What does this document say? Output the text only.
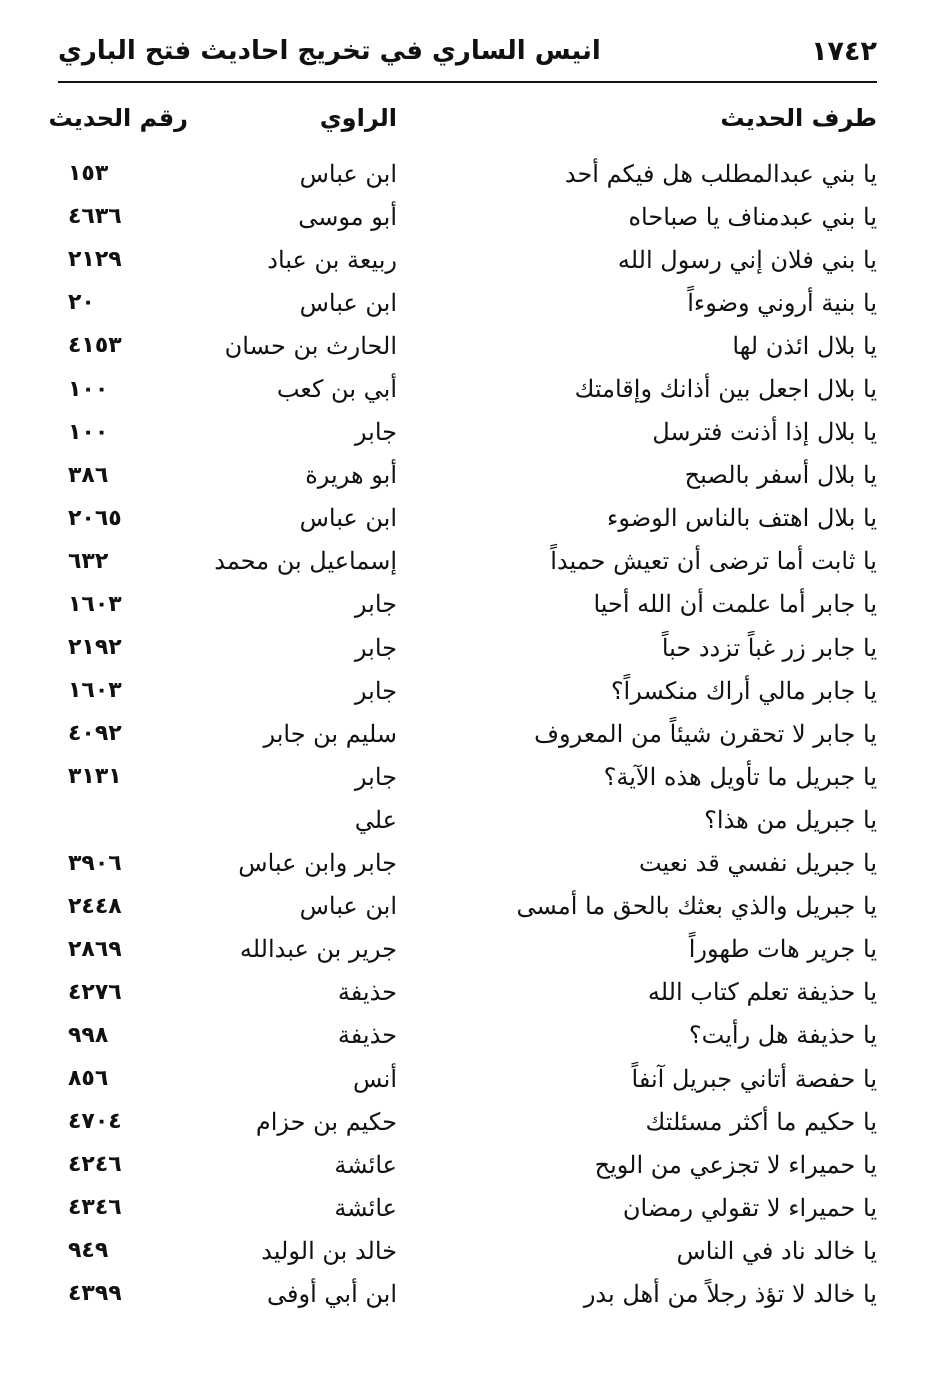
انيس الساري في تخريج احاديث فتح الباري	١٧٤٢
طرف الحديث
الراوي
رقم الحديث
يا بني عبدالمطلب هل فيكم أحد
ابن عباس
١٥٣
يا بني عبدمناف يا صباحاه
أبو موسى
٤٦٣٦
يا بني فلان إني رسول الله
ربيعة بن عباد
٢١٢٩
يا بنية أروني وضوءاً
ابن عباس
٢٠
يا بلال ائذن لها
الحارث بن حسان
٤١٥٣
يا بلال اجعل بين أذانك وإقامتك
أبي بن كعب
١٠٠
يا بلال إذا أذنت فترسل
جابر
١٠٠
يا بلال أسفر بالصبح
أبو هريرة
٣٨٦
يا بلال اهتف بالناس الوضوء
ابن عباس
٢٠٦٥
يا ثابت أما ترضى أن تعيش حميداً
إسماعيل بن محمد
٦٣٢
يا جابر أما علمت أن الله أحيا
جابر
١٦٠٣
يا جابر زر غباً تزدد حباً
جابر
٢١٩٢
يا جابر مالي أراك منكسراً؟
جابر
١٦٠٣
يا جابر لا تحقرن شيئاً من المعروف
سليم بن جابر
٤٠٩٢
يا جبريل ما تأويل هذه الآية؟
جابر
٣١٣١
يا جبريل من هذا؟
علي
يا جبريل نفسي قد نعيت
جابر وابن عباس
٣٩٠٦
يا جبريل والذي بعثك بالحق ما أمسى
ابن عباس
٢٤٤٨
يا جرير هات طهوراً
جرير بن عبدالله
٢٨٦٩
يا حذيفة تعلم كتاب الله
حذيفة
٤٢٧٦
يا حذيفة هل رأيت؟
حذيفة
٩٩٨
يا حفصة أتاني جبريل آنفاً
أنس
٨٥٦
يا حكيم ما أكثر مسئلتك
حكيم بن حزام
٤٧٠٤
يا حميراء لا تجزعي من الويح
عائشة
٤٢٤٦
يا حميراء لا تقولي رمضان
عائشة
٤٣٤٦
يا خالد ناد في الناس
خالد بن الوليد
٩٤٩
يا خالد لا تؤذ رجلاً من أهل بدر
ابن أبي أوفى
٤٣٩٩
